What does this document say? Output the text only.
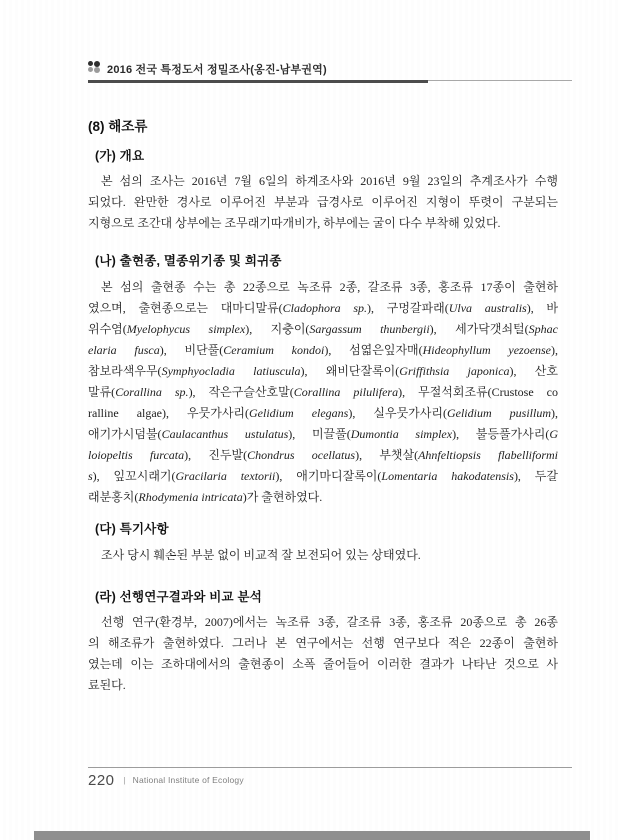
2016 전국 특정도서 정밀조사(옹진-남부권역)
(8) 해조류
(가) 개요
본 섬의 조사는 2016년 7월 6일의 하계조사와 2016년 9월 23일의 추계조사가 수행
되었다. 완만한 경사로 이루어진 부분과 급경사로 이루어진 지형이 뚜렷이 구분되는
지형으로 조간대 상부에는 조무래기따개비가, 하부에는 굴이 다수 부착해 있었다.
(나) 출현종, 멸종위기종 및 희귀종
본 섬의 출현종 수는 총 22종으로 녹조류 2종, 갈조류 3종, 홍조류 17종이 출현하
였으며, 출현종으로는 대마디말류(Cladophora sp.), 구멍갈파래(Ulva australis), 바
위수염(Myelophycus simplex), 지충이(Sargassum thunbergii), 세가닥갯쇠털(Sphac
elaria fusca), 비단풀(Ceramium kondoi), 섬엷은잎자매(Hideophyllum yezoense),
참보라색우무(Symphyocladia latiuscula), 왜비단잘록이(Griffithsia japonica), 산호
말류(Corallina sp.), 작은구슬산호말(Corallina pilulifera), 무절석회조류(Crustose co
ralline algae), 우뭇가사리(Gelidium elegans), 실우뭇가사리(Gelidium pusillum),
애기가시덤불(Caulacanthus ustulatus), 미끌풀(Dumontia simplex), 불등풀가사리(G
loiopeltis furcata), 진두발(Chondrus ocellatus), 부챗살(Ahnfeltiopsis flabelliformi
s), 잎꼬시래기(Gracilaria textorii), 애기마디잘록이(Lomentaria hakodatensis), 두갈
래분홍치(Rhodymenia intricata)가 출현하였다.
(다) 특기사항
조사 당시 훼손된 부분 없이 비교적 잘 보전되어 있는 상태였다.
(라) 선행연구결과와 비교 분석
선행 연구(환경부, 2007)에서는 녹조류 3종, 갈조류 3종, 홍조류 20종으로 총 26종
의 해조류가 출현하였다. 그러나 본 연구에서는 선행 연구보다 적은 22종이 출현하
였는데 이는 조하대에서의 출현종이 소폭 줄어들어 이러한 결과가 나타난 것으로 사
료된다.
220 | National Institute of Ecology
